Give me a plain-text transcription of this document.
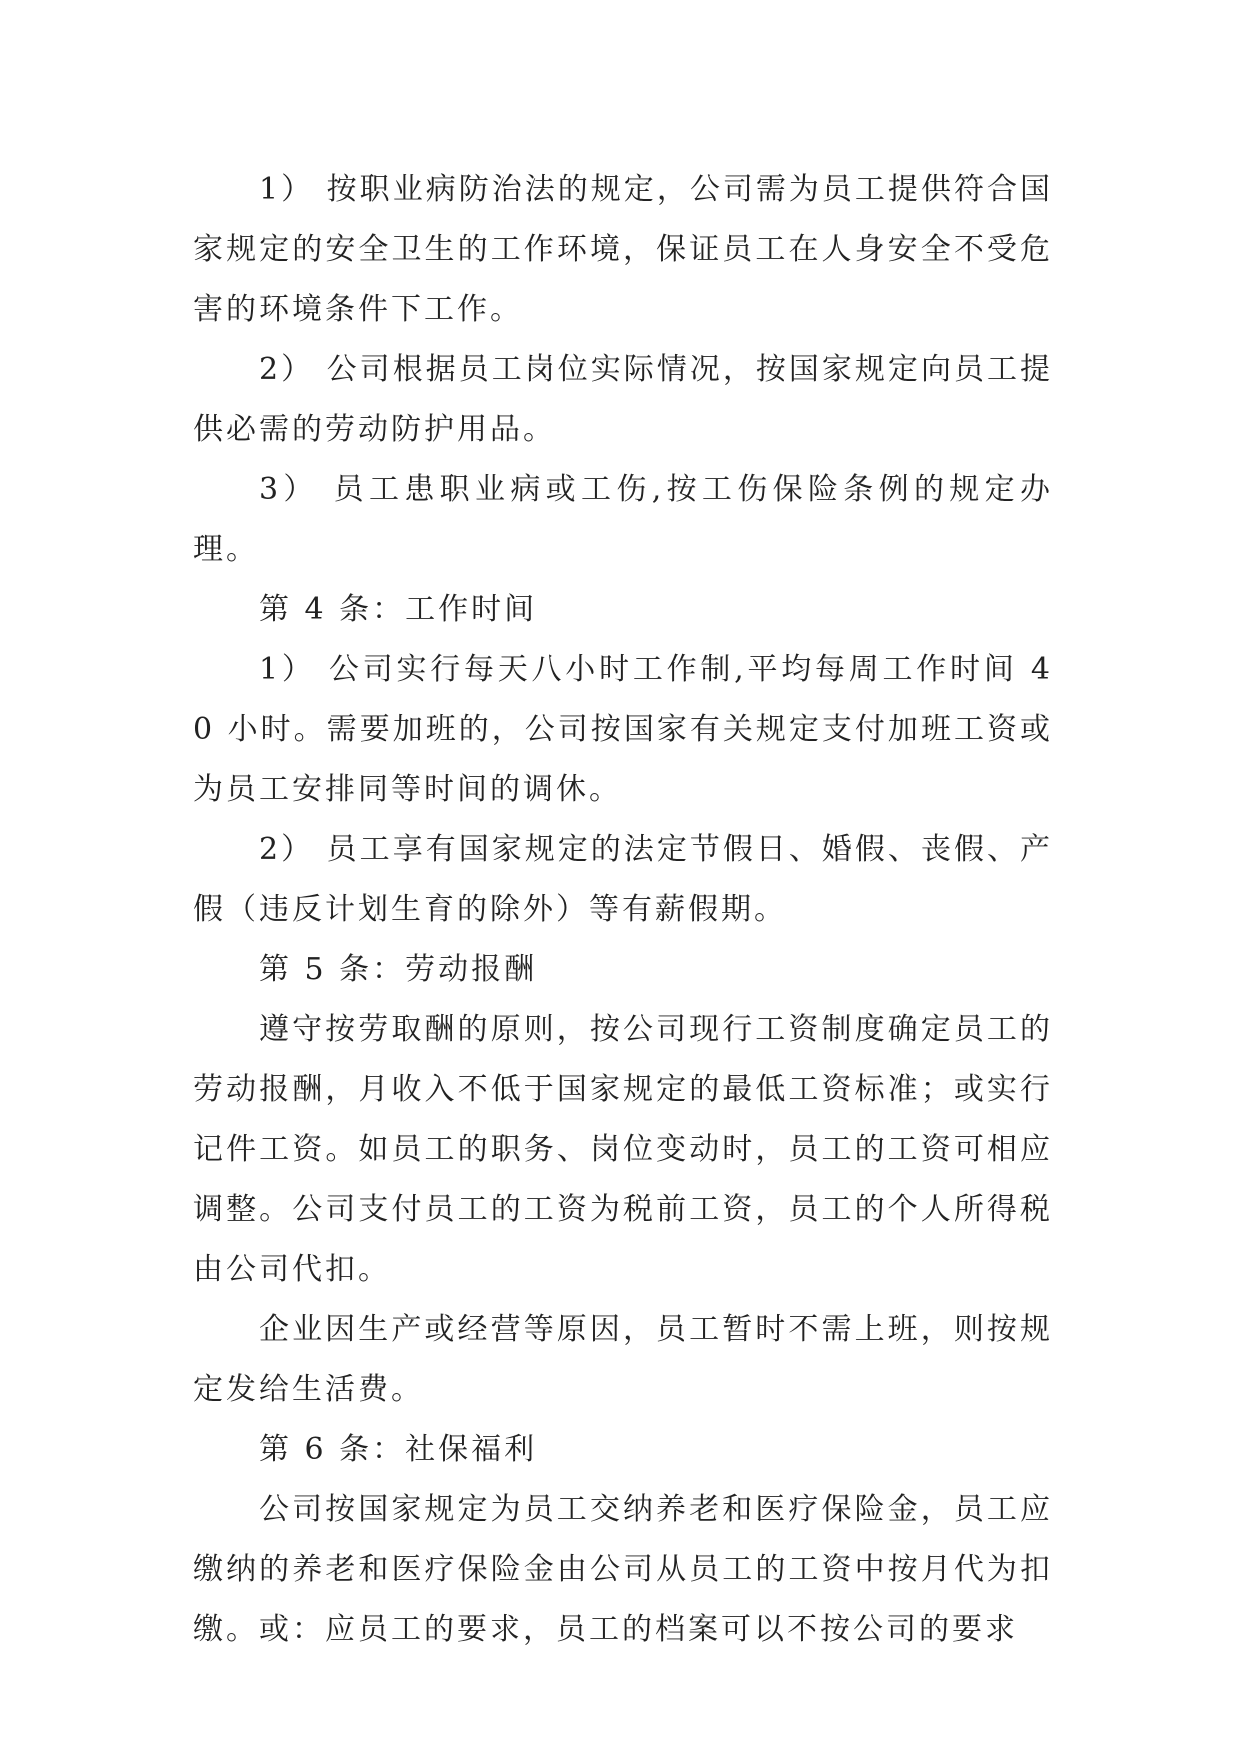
1） 按职业病防治法的规定，公司需为员工提供符合国家规定的安全卫生的工作环境，保证员工在人身安全不受危害的环境条件下工作。

2） 公司根据员工岗位实际情况，按国家规定向员工提供必需的劳动防护用品。

3） 员工患职业病或工伤,按工伤保险条例的规定办理。

第 4 条：工作时间

1） 公司实行每天八小时工作制,平均每周工作时间 40 小时。需要加班的，公司按国家有关规定支付加班工资或为员工安排同等时间的调休。

2） 员工享有国家规定的法定节假日、婚假、丧假、产假（违反计划生育的除外）等有薪假期。

第 5 条：劳动报酬

遵守按劳取酬的原则，按公司现行工资制度确定员工的劳动报酬，月收入不低于国家规定的最低工资标准；或实行记件工资。如员工的职务、岗位变动时，员工的工资可相应调整。公司支付员工的工资为税前工资，员工的个人所得税由公司代扣。

企业因生产或经营等原因，员工暂时不需上班，则按规定发给生活费。

第 6 条：社保福利

公司按国家规定为员工交纳养老和医疗保险金，员工应缴纳的养老和医疗保险金由公司从员工的工资中按月代为扣缴。或：应员工的要求，员工的档案可以不按公司的要求
